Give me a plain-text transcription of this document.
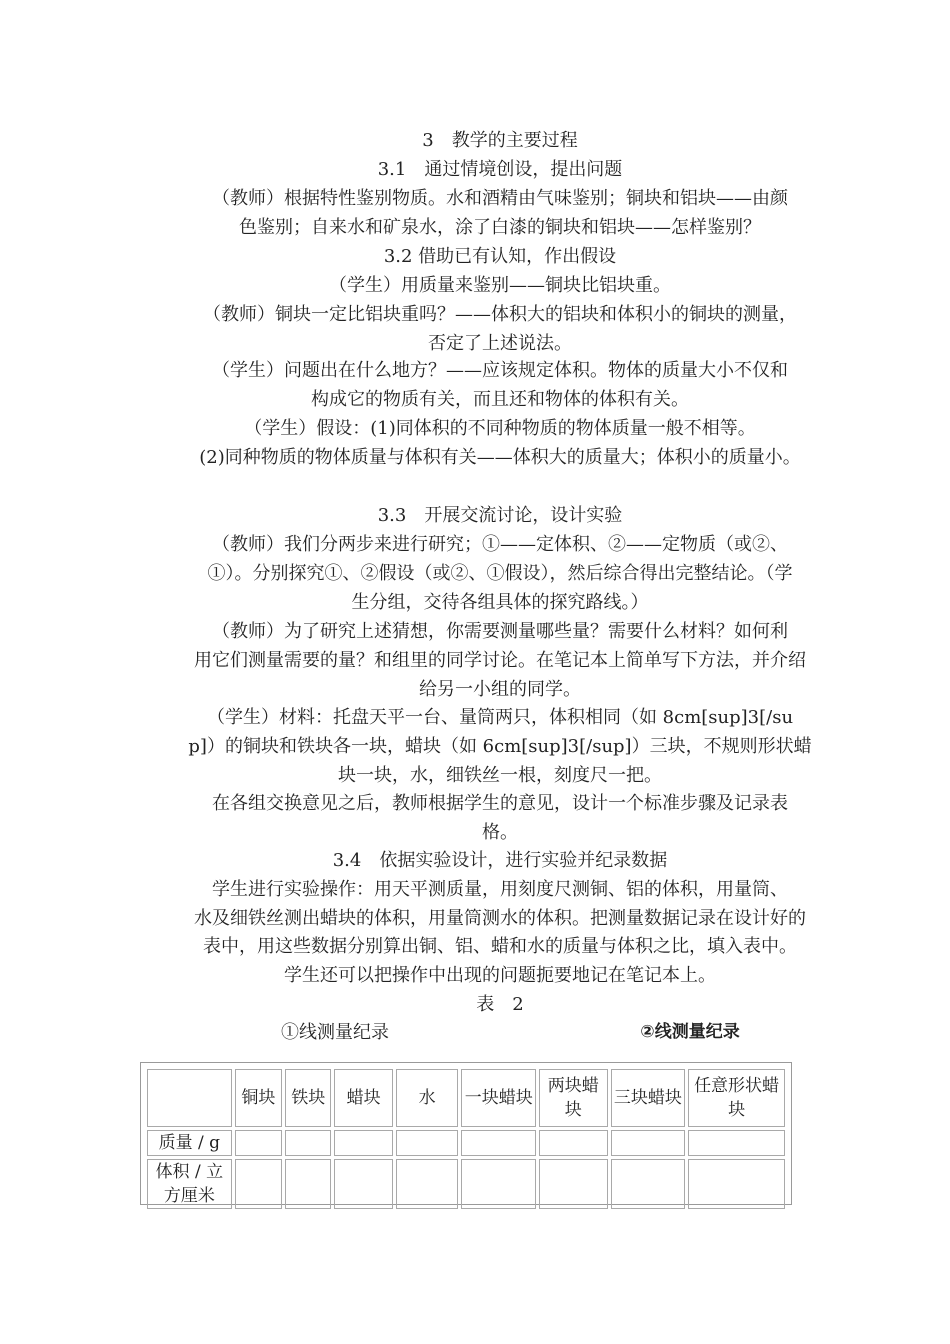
3　教学的主要过程
3.1　通过情境创设，提出问题
（教师）根据特性鉴别物质。水和酒精由气味鉴别；铜块和铝块——由颜
色鉴别；自来水和矿泉水，涂了白漆的铜块和铝块——怎样鉴别？
3.2 借助已有认知，作出假设
（学生）用质量来鉴别——铜块比铝块重。
（教师）铜块一定比铝块重吗？——体积大的铝块和体积小的铜块的测量，
否定了上述说法。
（学生）问题出在什么地方？——应该规定体积。物体的质量大小不仅和
构成它的物质有关，而且还和物体的体积有关。
（学生）假设：(1)同体积的不同种物质的物体质量一般不相等。
(2)同种物质的物体质量与体积有关——体积大的质量大；体积小的质量小。
3.3　开展交流讨论，设计实验
（教师）我们分两步来进行研究；①——定体积、②——定物质（或②、
①）。分别探究①、②假设（或②、①假设），然后综合得出完整结论。（学
生分组，交待各组具体的探究路线。）
（教师）为了研究上述猜想，你需要测量哪些量？需要什么材料？如何利
用它们测量需要的量？和组里的同学讨论。在笔记本上简单写下方法，并介绍
给另一小组的同学。
（学生）材料：托盘天平一台、量筒两只，体积相同（如 8cm[sup]3[/su
p]）的铜块和铁块各一块，蜡块（如 6cm[sup]3[/sup]）三块，不规则形状蜡
块一块，水，细铁丝一根，刻度尺一把。
在各组交换意见之后，教师根据学生的意见，设计一个标准步骤及记录表
格。
3.4　依据实验设计，进行实验并纪录数据
学生进行实验操作：用天平测质量，用刻度尺测铜、铝的体积，用量筒、
水及细铁丝测出蜡块的体积，用量筒测水的体积。把测量数据记录在设计好的
表中，用这些数据分别算出铜、铝、蜡和水的质量与体积之比，填入表中。
学生还可以把操作中出现的问题扼要地记在笔记本上。
表　2
①线测量纪录	②线测量纪录
	铜块	铁块	蜡块	水	一块蜡块	两块蜡块	三块蜡块	任意形状蜡块
质量 / g								
体积 / 立方厘米								
